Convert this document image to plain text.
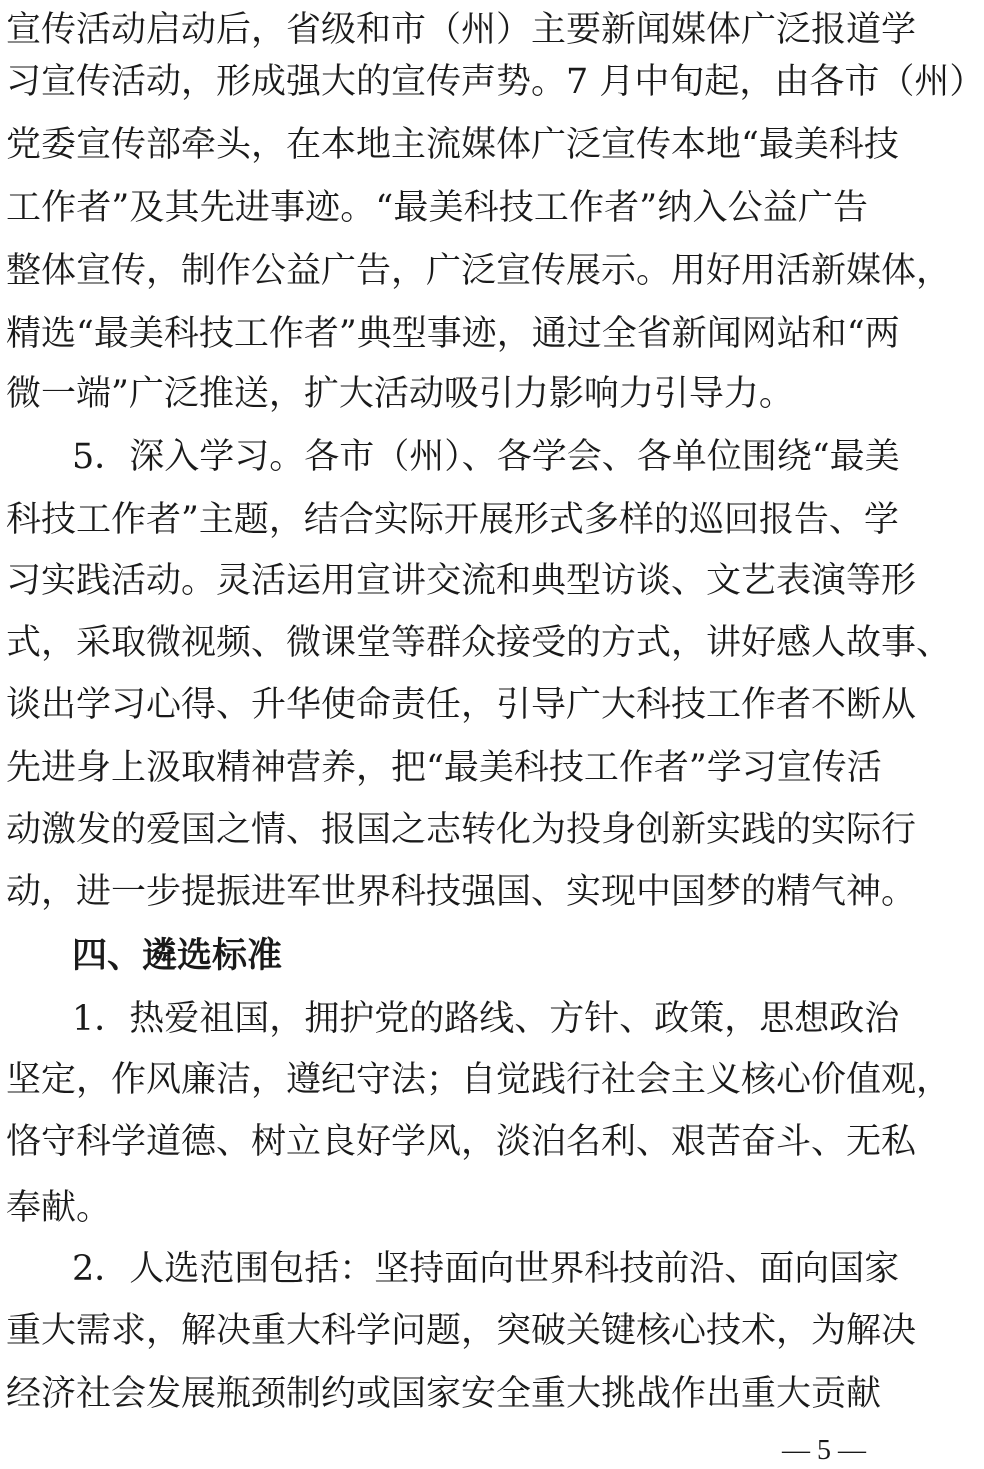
宣传活动启动后，省级和市（州）主要新闻媒体广泛报道学
习宣传活动，形成强大的宣传声势。7 月中旬起，由各市（州）
党委宣传部牵头，在本地主流媒体广泛宣传本地“最美科技
工作者”及其先进事迹。“最美科技工作者”纳入公益广告
整体宣传，制作公益广告，广泛宣传展示。用好用活新媒体，
精选“最美科技工作者”典型事迹，通过全省新闻网站和“两
微一端”广泛推送，扩大活动吸引力影响力引导力。
5．深入学习。各市（州）、各学会、各单位围绕“最美
科技工作者”主题，结合实际开展形式多样的巡回报告、学
习实践活动。灵活运用宣讲交流和典型访谈、文艺表演等形
式，采取微视频、微课堂等群众接受的方式，讲好感人故事、
谈出学习心得、升华使命责任，引导广大科技工作者不断从
先进身上汲取精神营养，把“最美科技工作者”学习宣传活
动激发的爱国之情、报国之志转化为投身创新实践的实际行
动，进一步提振进军世界科技强国、实现中国梦的精气神。
四、遴选标准
1．热爱祖国，拥护党的路线、方针、政策，思想政治
坚定，作风廉洁，遵纪守法；自觉践行社会主义核心价值观，
恪守科学道德、树立良好学风，淡泊名利、艰苦奋斗、无私
奉献。
2．人选范围包括：坚持面向世界科技前沿、面向国家
重大需求，解决重大科学问题，突破关键核心技术，为解决
经济社会发展瓶颈制约或国家安全重大挑战作出重大贡献
— 5 —
